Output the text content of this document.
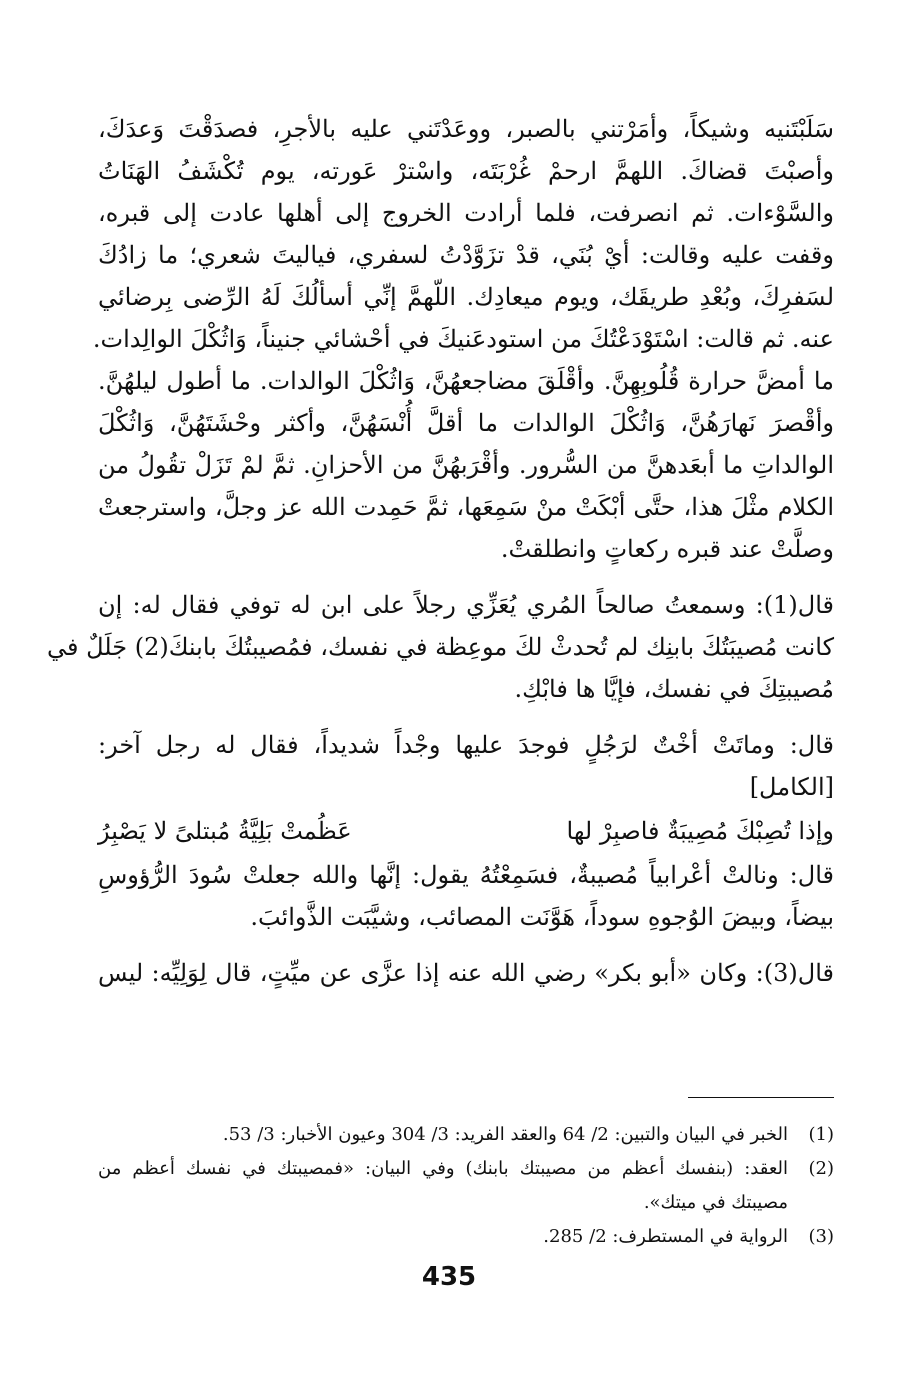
سَلَبْتَنيه وشيكاً، وأمَرْتني بالصبر، ووعَدْتَني عليه بالأجرِ، فصدَقْتَ وَعدَكَ،
وأصبْتَ قضاكَ. اللهمَّ ارحمْ غُرْبَتَه، واسْترْ عَورته، يوم تُكْشَفُ الهَنَاتُ
والسَّوْءات. ثم انصرفت، فلما أرادت الخروج إلى أهلها عادت إلى قبره،
وقفت عليه وقالت: أيْ بُنَي، قدْ تزَوَّدْتُ لسفري، فياليتَ شعري؛ ما زادُكَ
لسَفرِكَ، وبُعْدِ طريقَك، ويوم ميعادِك. اللّهمَّ إنِّي أسألُكَ لَهُ الرِّضى بِرضائي
عنه. ثم قالت: اسْتَوْدَعْتُكَ من استودعَنيكَ في أحْشائي جنيناً، وَاثُكْلَ الوالِدات.
ما أمضَّ حرارة قُلُوبِهِنَّ. وأقْلَقَ مضاجعهُنَّ، وَاثُكْلَ الوالدات. ما أطول ليلهُنَّ.
وأقْصرَ نَهارَهُنَّ، وَاثُكْلَ الوالدات ما أقلَّ أُنْسَهُنَّ، وأكثر وحْشَتَهُنَّ، وَاثُكْلَ
الوالداتِ ما أبعَدهنَّ من السُّرور. وأقْرَبهُنَّ من الأحزانِ. ثمَّ لمْ تَزَلْ تقُولُ من
الكلام مثْلَ هذا، حتَّى أبْكَتْ منْ سَمِعَها، ثمَّ حَمِدت الله عز وجلَّ، واسترجعتْ
وصلَّتْ عند قبره ركعاتٍ وانطلقتْ.
قال(1): وسمعتُ صالحاً المُري يُعَزِّي رجلاً على ابن له توفي فقال له: إن
كانت مُصيبَتُكَ بابنِك لم تُحدثْ لكَ موعِظة في نفسك، فمُصيبتُكَ بابنكَ(2) جَلَلٌ في
مُصيبتِكَ في نفسك، فإيَّا ها فابْكِ.
قال: وماتَتْ أخْتٌ لرَجُلٍ فوجدَ عليها وجْداً شديداً، فقال له رجل آخر:
[الكامل]
وإذا تُصِبْكَ مُصِيبَةٌ فاصبِرْ لها
عَظُمتْ بَلِيَّةُ مُبتلىً لا يَصْبِرُ
قال: ونالتْ أعْرابياً مُصيبةٌ، فسَمِعْتُهُ يقول: إنَّها والله جعلتْ سُودَ الرُّؤوسِ
بيضاً، وبيضَ الوُجوهِ سوداً، هَوَّنَت المصائب، وشيَّبَت الذَّوائبَ.
قال(3): وكان «أبو بكر» رضي الله عنه إذا عزَّى عن ميِّتٍ، قال لِوَلِيِّه: ليس
(1)
الخبر في البيان والتبين: 2/ 64 والعقد الفريد: 3/ 304 وعيون الأخبار: 3/ 53.
(2)
العقد: (بنفسك أعظم من مصيبتك بابنك) وفي البيان: «فمصيبتك في نفسك أعظم من
مصيبتك في ميتك».
(3)
الرواية في المستطرف: 2/ 285.
435
